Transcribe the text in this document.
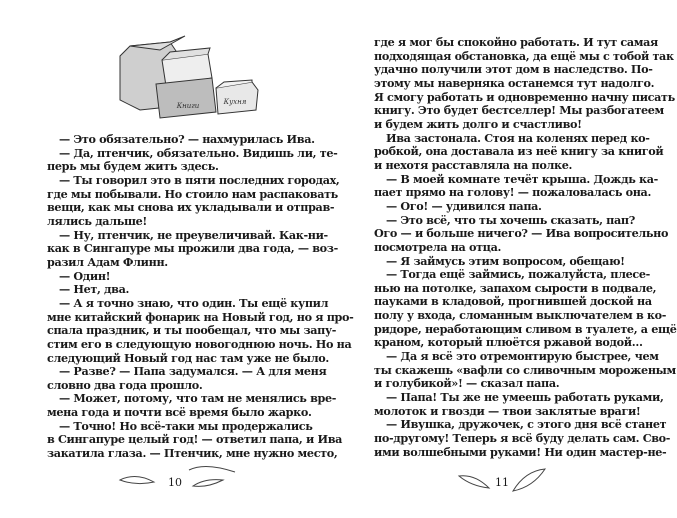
Книги	Кухня
— Это обязательно? — нахмурилась Ива.
— Да, птенчик, обязательно. Видишь ли, те-
перь мы будем жить здесь.
— Ты говорил это в пяти последних городах,
где мы побывали. Но стоило нам распаковать
вещи, как мы снова их укладывали и отправ-
лялись дальше!
— Ну, птенчик, не преувеличивай. Как-ни-
как в Сингапуре мы прожили два года, — воз-
разил Адам Флинн.
— Один!
— Нет, два.
— А я точно знаю, что один. Ты ещё купил
мне китайский фонарик на Новый год, но я про-
спала праздник, и ты пообещал, что мы запу-
стим его в следующую новогоднюю ночь. Но на
следующий Новый год нас там уже не было.
— Разве? — Папа задумался. — А для меня
словно два года прошло.
— Может, потому, что там не менялись вре-
мена года и почти всё время было жарко.
— Точно! Но всё-таки мы продержались
в Сингапуре целый год! — ответил папа, и Ива
закатила глаза. — Птенчик, мне нужно место,
10
где я мог бы спокойно работать. И тут самая
подходящая обстановка, да ещё мы с тобой так
удачно получили этот дом в наследство. По-
этому мы наверняка останемся тут надолго.
Я смогу работать и одновременно начну писать
книгу. Это будет бестселлер! Мы разбогатеем
и будем жить долго и счастливо!
Ива застонала. Стоя на коленях перед ко-
робкой, она доставала из неё книгу за книгой
и нехотя расставляла на полке.
— В моей комнате течёт крыша. Дождь ка-
пает прямо на голову! — пожаловалась она.
— Ого! — удивился папа.
— Это всё, что ты хочешь сказать, пап?
Ого — и больше ничего? — Ива вопросительно
посмотрела на отца.
— Я займусь этим вопросом, обещаю!
— Тогда ещё займись, пожалуйста, плесе-
нью на потолке, запахом сырости в подвале,
пауками в кладовой, прогнившей доской на
полу у входа, сломанным выключателем в ко-
ридоре, неработающим сливом в туалете, а ещё
краном, который плюётся ржавой водой…
— Да я всё это отремонтирую быстрее, чем
ты скажешь «вафли со сливочным мороженым
и голубикой»! — сказал папа.
— Папа! Ты же не умеешь работать руками,
молоток и гвозди — твои заклятые враги!
— Ивушка, дружочек, с этого дня всё станет
по-другому! Теперь я всё буду делать сам. Сво-
ими волшебными руками! Ни один мастер-не-
11
